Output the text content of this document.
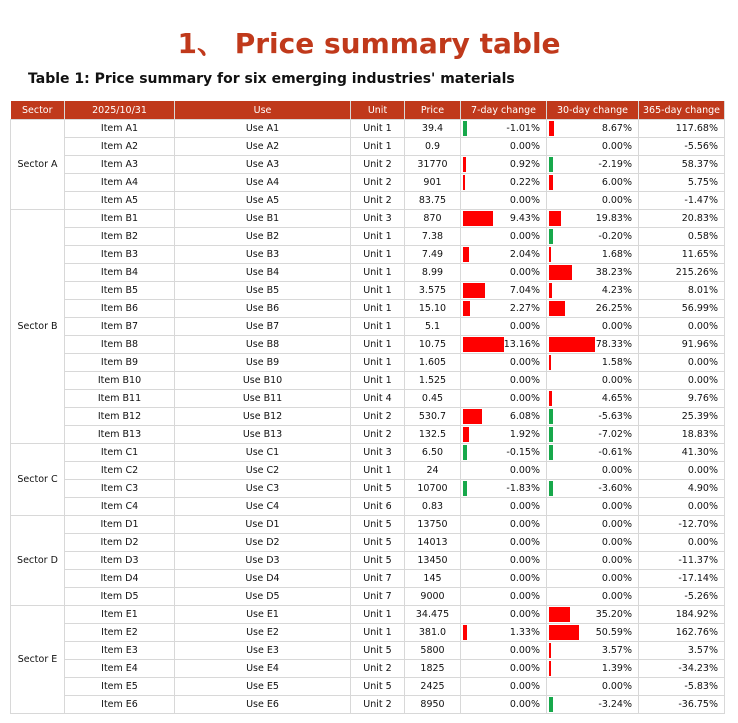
1、 Price summary table
Table 1: Price summary for six emerging industries' materials
Sector	2025/10/31	Use	Unit	Price	7-day change	30-day change	365-day change
Sector A	Item A1	Use A1	Unit 1	39.4	-1.01%	8.67%	117.68%
	Item A2	Use A2	Unit 1	0.9	0.00%	0.00%	-5.56%
	Item A3	Use A3	Unit 2	31770	0.92%	-2.19%	58.37%
	Item A4	Use A4	Unit 2	901	0.22%	6.00%	5.75%
	Item A5	Use A5	Unit 2	83.75	0.00%	0.00%	-1.47%
Sector B	Item B1	Use B1	Unit 3	870	9.43%	19.83%	20.83%
	Item B2	Use B2	Unit 1	7.38	0.00%	-0.20%	0.58%
	Item B3	Use B3	Unit 1	7.49	2.04%	1.68%	11.65%
	Item B4	Use B4	Unit 1	8.99	0.00%	38.23%	215.26%
	Item B5	Use B5	Unit 1	3.575	7.04%	4.23%	8.01%
	Item B6	Use B6	Unit 1	15.10	2.27%	26.25%	56.99%
	Item B7	Use B7	Unit 1	5.1	0.00%	0.00%	0.00%
	Item B8	Use B8	Unit 1	10.75	13.16%	78.33%	91.96%
	Item B9	Use B9	Unit 1	1.605	0.00%	1.58%	0.00%
	Item B10	Use B10	Unit 1	1.525	0.00%	0.00%	0.00%
	Item B11	Use B11	Unit 4	0.45	0.00%	4.65%	9.76%
	Item B12	Use B12	Unit 2	530.7	6.08%	-5.63%	25.39%
	Item B13	Use B13	Unit 2	132.5	1.92%	-7.02%	18.83%
Sector C	Item C1	Use C1	Unit 3	6.50	-0.15%	-0.61%	41.30%
	Item C2	Use C2	Unit 1	24	0.00%	0.00%	0.00%
	Item C3	Use C3	Unit 5	10700	-1.83%	-3.60%	4.90%
	Item C4	Use C4	Unit 6	0.83	0.00%	0.00%	0.00%
Sector D	Item D1	Use D1	Unit 5	13750	0.00%	0.00%	-12.70%
	Item D2	Use D2	Unit 5	14013	0.00%	0.00%	0.00%
	Item D3	Use D3	Unit 5	13450	0.00%	0.00%	-11.37%
	Item D4	Use D4	Unit 7	145	0.00%	0.00%	-17.14%
	Item D5	Use D5	Unit 7	9000	0.00%	0.00%	-5.26%
Sector E	Item E1	Use E1	Unit 1	34.475	0.00%	35.20%	184.92%
	Item E2	Use E2	Unit 1	381.0	1.33%	50.59%	162.76%
	Item E3	Use E3	Unit 5	5800	0.00%	3.57%	3.57%
	Item E4	Use E4	Unit 2	1825	0.00%	1.39%	-34.23%
	Item E5	Use E5	Unit 5	2425	0.00%	0.00%	-5.83%
	Item E6	Use E6	Unit 2	8950	0.00%	-3.24%	-36.75%
